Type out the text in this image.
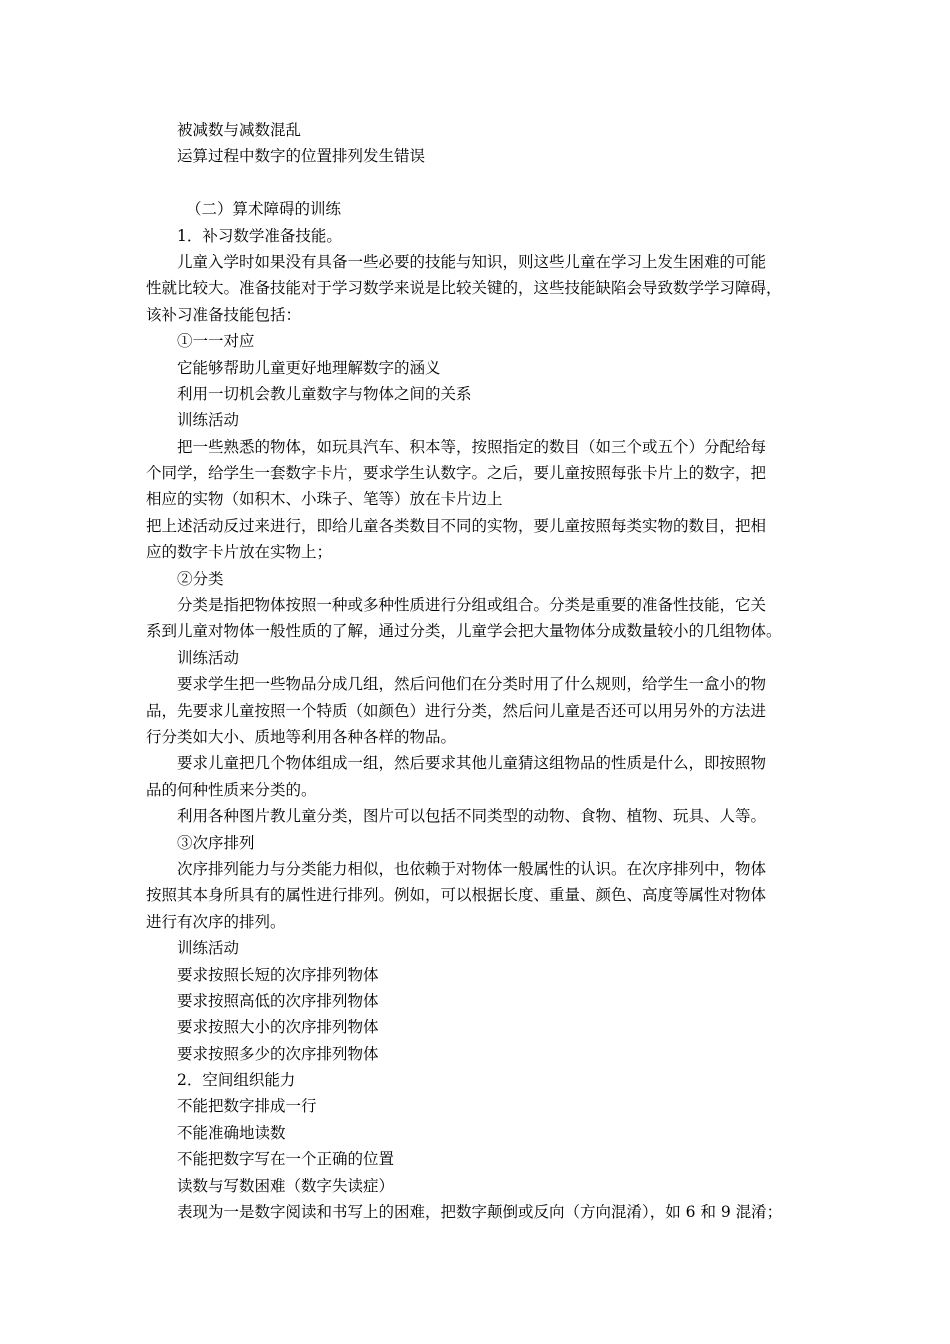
被减数与减数混乱
运算过程中数字的位置排列发生错误
（二）算术障碍的训练
1．补习数学准备技能。
儿童入学时如果没有具备一些必要的技能与知识，则这些儿童在学习上发生困难的可能
性就比较大。准备技能对于学习数学来说是比较关键的，这些技能缺陷会导致数学学习障碍，
该补习准备技能包括：
①一一对应
它能够帮助儿童更好地理解数字的涵义
利用一切机会教儿童数字与物体之间的关系
训练活动
把一些熟悉的物体，如玩具汽车、积本等，按照指定的数目（如三个或五个）分配给每
个同学，给学生一套数字卡片，要求学生认数字。之后，要儿童按照每张卡片上的数字，把
相应的实物（如积木、小珠子、笔等）放在卡片边上
把上述活动反过来进行，即给儿童各类数目不同的实物，要儿童按照每类实物的数目，把相
应的数字卡片放在实物上；
②分类
分类是指把物体按照一种或多种性质进行分组或组合。分类是重要的准备性技能，它关
系到儿童对物体一般性质的了解，通过分类，儿童学会把大量物体分成数量较小的几组物体。
训练活动
要求学生把一些物品分成几组，然后问他们在分类时用了什么规则，给学生一盒小的物
品，先要求儿童按照一个特质（如颜色）进行分类，然后问儿童是否还可以用另外的方法进
行分类如大小、质地等利用各种各样的物品。
要求儿童把几个物体组成一组，然后要求其他儿童猜这组物品的性质是什么，即按照物
品的何种性质来分类的。
利用各种图片教儿童分类，图片可以包括不同类型的动物、食物、植物、玩具、人等。
③次序排列
次序排列能力与分类能力相似，也依赖于对物体一般属性的认识。在次序排列中，物体
按照其本身所具有的属性进行排列。例如，可以根据长度、重量、颜色、高度等属性对物体
进行有次序的排列。
训练活动
要求按照长短的次序排列物体
要求按照高低的次序排列物体
要求按照大小的次序排列物体
要求按照多少的次序排列物体
2．空间组织能力
不能把数字排成一行
不能准确地读数
不能把数字写在一个正确的位置
读数与写数困难（数字失读症）
表现为一是数字阅读和书写上的困难，把数字颠倒或反向（方向混淆），如 6 和 9 混淆；
